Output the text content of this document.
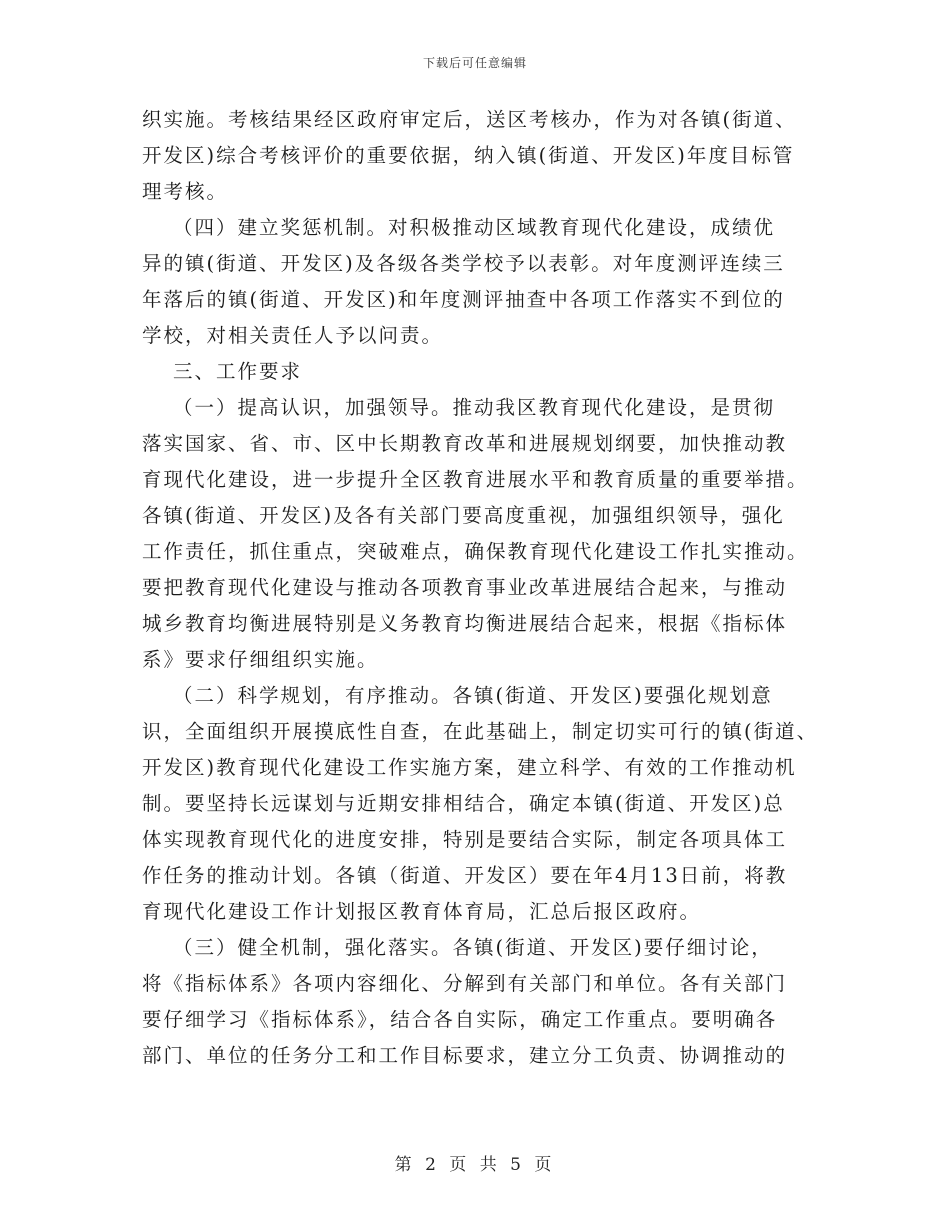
下载后可任意编辑
织实施。考核结果经区政府审定后，送区考核办，作为对各镇(街道、
开发区)综合考核评价的重要依据，纳入镇(街道、开发区)年度目标管
理考核。
（四）建立奖惩机制。对积极推动区域教育现代化建设，成绩优
异的镇(街道、开发区)及各级各类学校予以表彰。对年度测评连续三
年落后的镇(街道、开发区)和年度测评抽查中各项工作落实不到位的
学校，对相关责任人予以问责。
三、工作要求
（一）提高认识，加强领导。推动我区教育现代化建设，是贯彻
落实国家、省、市、区中长期教育改革和进展规划纲要，加快推动教
育现代化建设，进一步提升全区教育进展水平和教育质量的重要举措。
各镇(街道、开发区)及各有关部门要高度重视，加强组织领导，强化
工作责任，抓住重点，突破难点，确保教育现代化建设工作扎实推动。
要把教育现代化建设与推动各项教育事业改革进展结合起来，与推动
城乡教育均衡进展特别是义务教育均衡进展结合起来，根据《指标体
系》要求仔细组织实施。
（二）科学规划，有序推动。各镇(街道、开发区)要强化规划意
识，全面组织开展摸底性自查，在此基础上，制定切实可行的镇(街道、
开发区)教育现代化建设工作实施方案，建立科学、有效的工作推动机
制。要坚持长远谋划与近期安排相结合，确定本镇(街道、开发区)总
体实现教育现代化的进度安排，特别是要结合实际，制定各项具体工
作任务的推动计划。各镇（街道、开发区）要在年4月13日前，将教
育现代化建设工作计划报区教育体育局，汇总后报区政府。
（三）健全机制，强化落实。各镇(街道、开发区)要仔细讨论，
将《指标体系》各项内容细化、分解到有关部门和单位。各有关部门
要仔细学习《指标体系》，结合各自实际，确定工作重点。要明确各
部门、单位的任务分工和工作目标要求，建立分工负责、协调推动的
第 2 页 共 5 页
